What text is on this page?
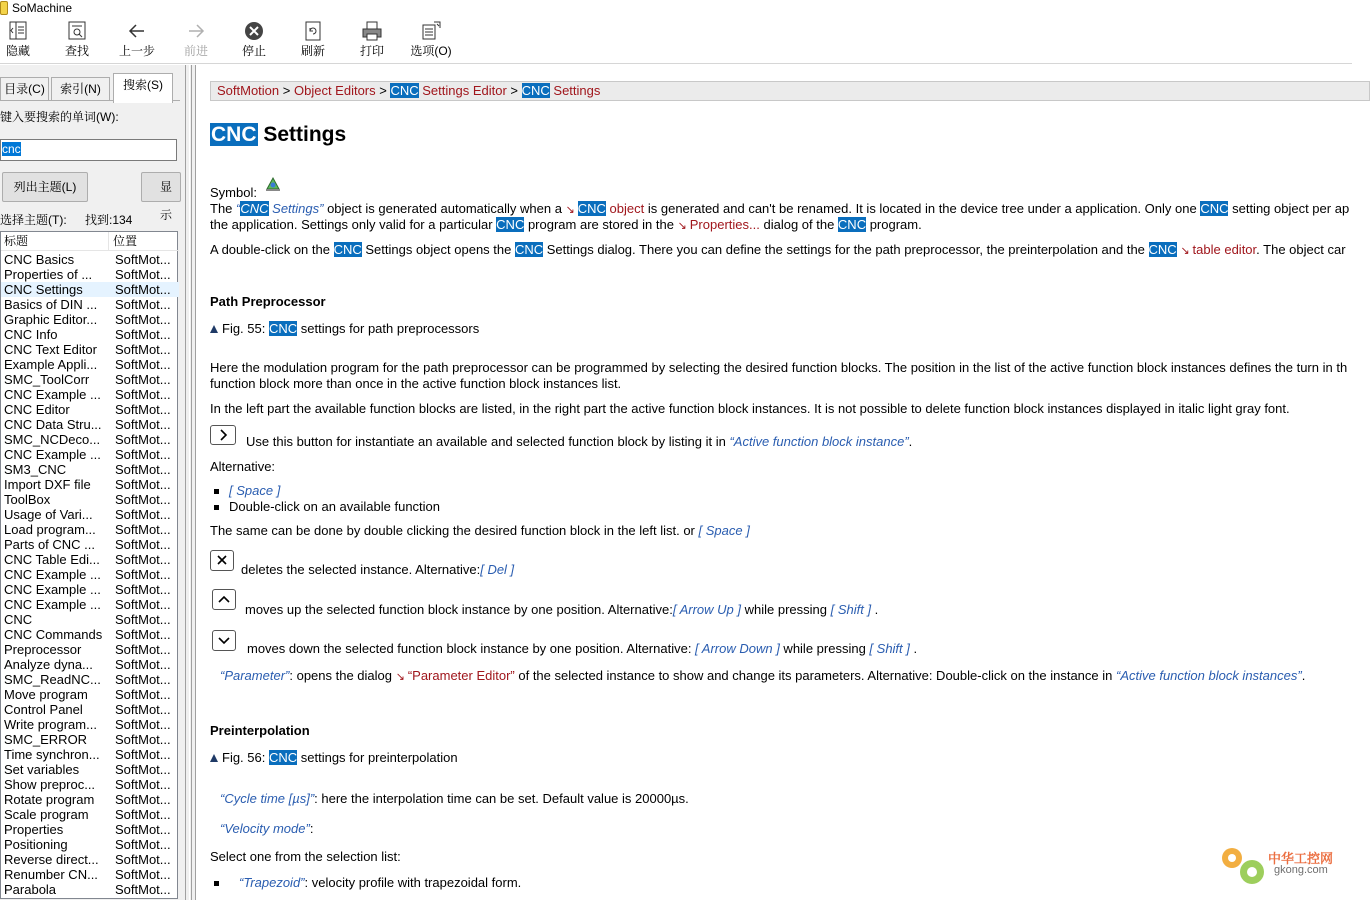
SoMachine
隐藏	查找 上一步 前进	停止	刷新	打印 选项(O)
目录(C)	索引(N)	搜索(S)
键入要搜索的单词(W):
cnc
列出主题(L)	显示
选择主题(T): 找到:134
标题	位置
CNC Basics	SoftMot...
Properties of ...	SoftMot...
CNC Settings	SoftMot...
Basics of DIN ...	SoftMot...
Graphic Editor...	SoftMot...
CNC Info	SoftMot...
CNC Text Editor	SoftMot...
Example Appli...	SoftMot...
SMC_ToolCorr	SoftMot...
CNC Example ...	SoftMot...
CNC Editor	SoftMot...
CNC Data Stru...	SoftMot...
SMC_NCDeco...	SoftMot...
CNC Example ...	SoftMot...
SM3_CNC	SoftMot...
Import DXF file	SoftMot...
ToolBox	SoftMot...
Usage of Vari...	SoftMot...
Load program...	SoftMot...
Parts of CNC ...	SoftMot...
CNC Table Edi...	SoftMot...
CNC Example ...	SoftMot...
CNC Example ...	SoftMot...
CNC Example ...	SoftMot...
CNC	SoftMot...
CNC Commands SoftMot...
Preprocessor	SoftMot...
Analyze dyna...	SoftMot...
SMC_ReadNC...	SoftMot...
Move program	SoftMot...
Control Panel	SoftMot...
Write program...	SoftMot...
SMC_ERROR	SoftMot...
Time synchron...	SoftMot...
Set variables	SoftMot...
Show preproc...	SoftMot...
Rotate program	SoftMot...
Scale program	SoftMot...
Properties	SoftMot...
Positioning	SoftMot...
Reverse direct...	SoftMot...
Renumber CN...	SoftMot...
Parabola	SoftMot...
SoftMotion > Object Editors > CNC Settings Editor > CNC Settings
CNC Settings
Symbol:
The “CNC Settings” object is generated automatically when a ↘ CNC object is generated and can't be renamed. It is located in the device tree under a application. Only one CNC setting object per ap
the application. Settings only valid for a particular CNC program are stored in the ↘ Properties... dialog of the CNC program.
A double-click on the CNC Settings object opens the CNC Settings dialog. There you can define the settings for the path preprocessor, the preinterpolation and the CNC ↘ table editor. The object car
Path Preprocessor
Fig. 55: CNC settings for path preprocessors
Here the modulation program for the path preprocessor can be programmed by selecting the desired function blocks. The position in the list of the active function block instances defines the turn in th
function block more than once in the active function block instances list.
In the left part the available function blocks are listed, in the right part the active function block instances. It is not possible to delete function block instances displayed in italic light gray font.
Use this button for instantiate an available and selected function block by listing it in “Active function block instance”.
Alternative:
[ Space ]
Double-click on an available function
The same can be done by double clicking the desired function block in the left list. or [ Space ]
deletes the selected instance. Alternative:[ Del ]
moves up the selected function block instance by one position. Alternative:[ Arrow Up ] while pressing [ Shift ] .
moves down the selected function block instance by one position. Alternative: [ Arrow Down ] while pressing [ Shift ] .
“Parameter”: opens the dialog ↘ “Parameter Editor” of the selected instance to show and change its parameters. Alternative: Double-click on the instance in “Active function block instances”.
Preinterpolation
Fig. 56: CNC settings for preinterpolation
“Cycle time [µs]”: here the interpolation time can be set. Default value is 20000µs.
“Velocity mode”:
Select one from the selection list:
“Trapezoid”: velocity profile with trapezoidal form.
中华工控网
gkong.com
